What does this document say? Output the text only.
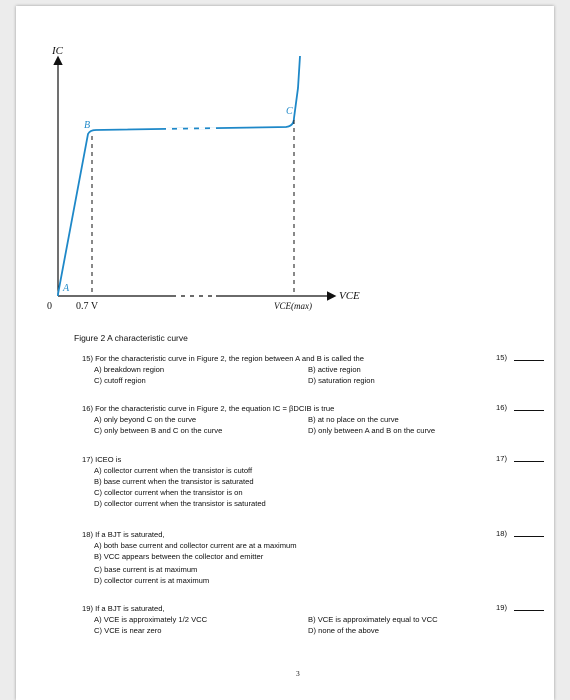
IC
VCE
A
B
C
0 0.7 V	VCE(max)
Figure 2 A characteristic curve
15) For the characteristic curve in Figure 2, the region between A and B is called the
A) breakdown region	B) active region
C) cutoff region	D) saturation region
15)
16) For the characteristic curve in Figure 2, the equation IC = βDCIB is true
A) only beyond C on the curve	B) at no place on the curve
C) only between B and C on the curve	D) only between A and B on the curve
16)
17) ICEO is
A) collector current when the transistor is cutoff
B) base current when the transistor is saturated
C) collector current when the transistor is on
D) collector current when the transistor is saturated
17)
18) If a BJT is saturated,
A) both base current and collector current are at a maximum
B) VCC appears between the collector and emitter
C) base current is at maximum
D) collector current is at maximum
18)
19) If a BJT is saturated,
A) VCE is approximately 1/2 VCC	B) VCE is approximately equal to VCC
C) VCE is near zero	D) none of the above
19)
3
